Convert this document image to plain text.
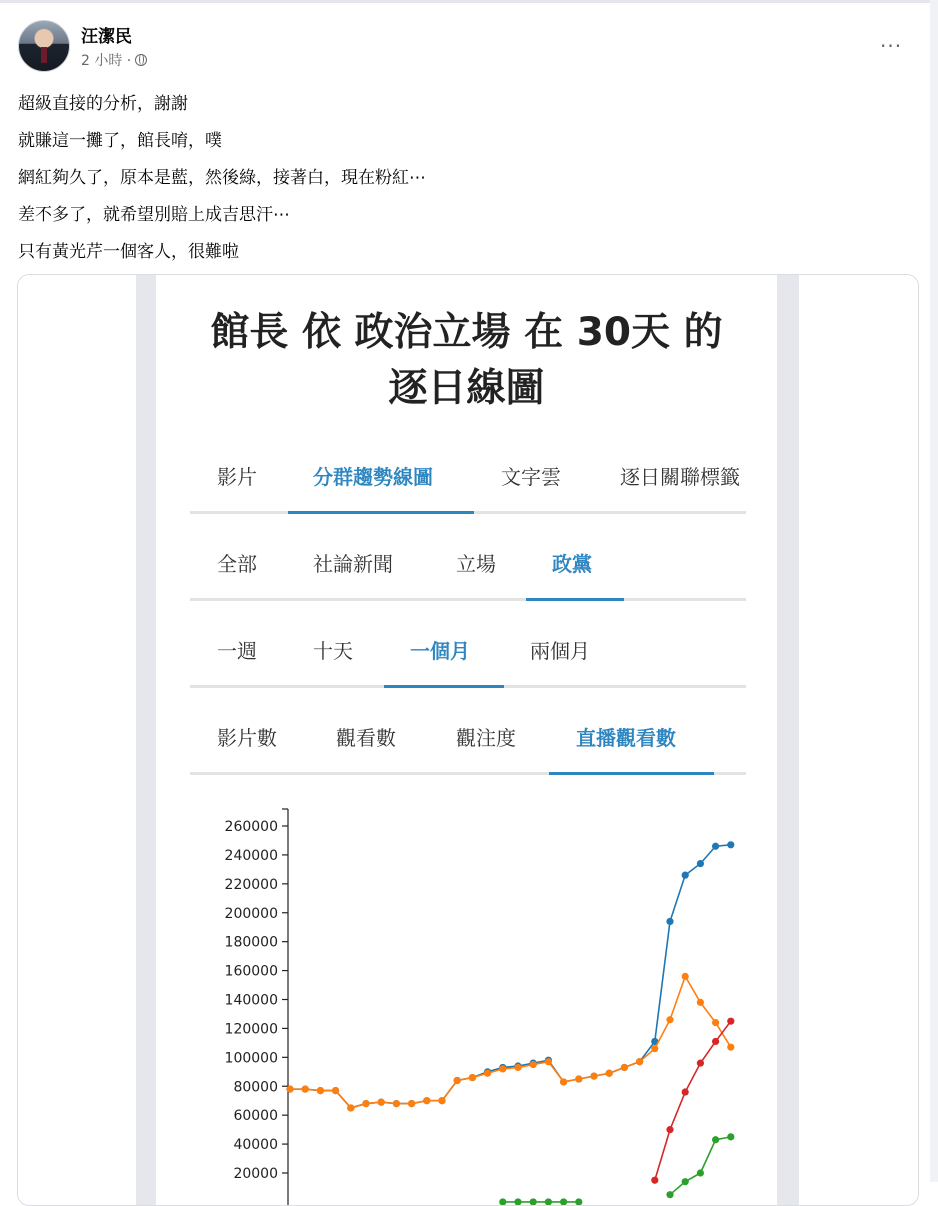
汪潔民
2 小時 ·
···
超級直接的分析，謝謝
就賺這一攤了，館長唷，噗
網紅夠久了，原本是藍，然後綠，接著白，現在粉紅⋯
差不多了，就希望別賠上成吉思汗⋯
只有黃光芹一個客人，很難啦
館長 依 政治立場 在 30天 的
逐日線圖
影片	分群趨勢線圖	文字雲	逐日關聯標籤
全部	社論新聞	立場	政黨
一週	十天	一個月	兩個月
影片數	觀看數	觀注度	直播觀看數
260000
240000
220000
200000
180000
160000
140000
120000
100000
80000
60000
40000
20000
